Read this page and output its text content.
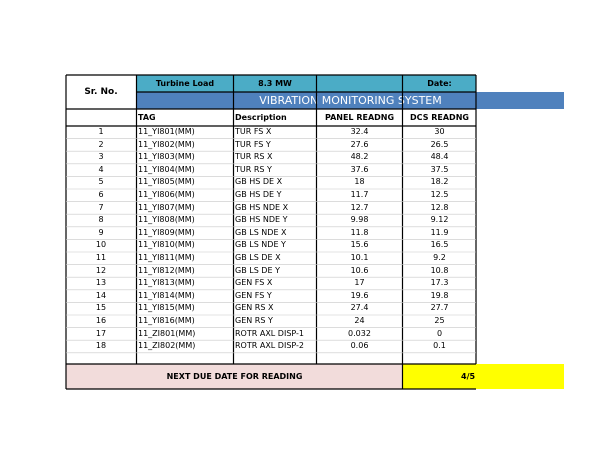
Sr. No.
Turbine Load	8.3 MW	Date:
VIBRATION MONITORING SYSTEM
TAG	Description	PANEL READNG	DCS READNG
1	11_YI801(MM)	TUR FS X	32.4	30
2	11_YI802(MM)	TUR FS Y	27.6	26.5
3	11_YI803(MM)	TUR RS X	48.2	48.4
4	11_YI804(MM)	TUR RS Y	37.6	37.5
5	11_YI805(MM)	GB HS DE X	18	18.2
6	11_YI806(MM)	GB HS DE Y	11.7	12.5
7	11_YI807(MM)	GB HS NDE X	12.7	12.8
8	11_YI808(MM)	GB HS NDE Y	9.98	9.12
9	11_YI809(MM)	GB LS NDE X	11.8	11.9
10	11_YI810(MM)	GB LS NDE Y	15.6	16.5
11	11_YI811(MM)	GB LS DE X	10.1	9.2
12	11_YI812(MM)	GB LS DE Y	10.6	10.8
13	11_YI813(MM)	GEN FS X	17	17.3
14	11_YI814(MM)	GEN FS Y	19.6	19.8
15	11_YI815(MM)	GEN RS X	27.4	27.7
16	11_YI816(MM)	GEN RS Y	24	25
17	11_ZI801(MM)	ROTR AXL DISP-1	0.032	0
18	11_ZI802(MM)	ROTR AXL DISP-2	0.06	0.1
NEXT DUE DATE FOR READING	4/5
